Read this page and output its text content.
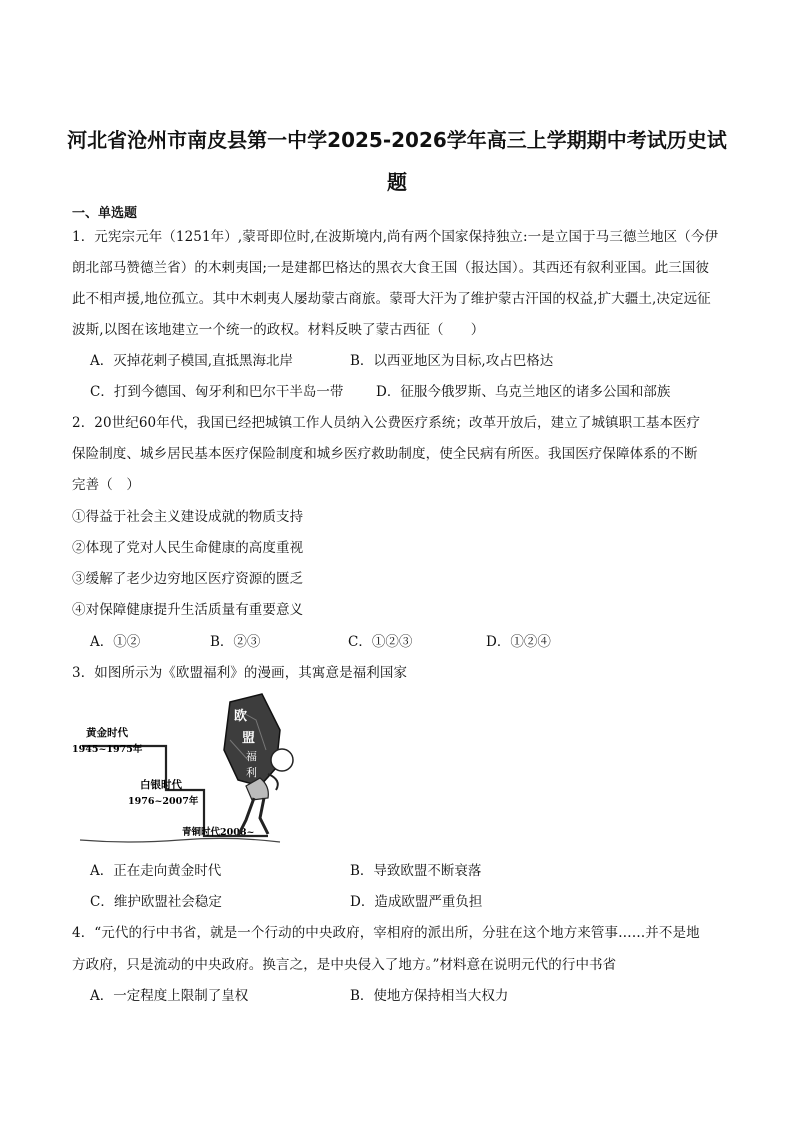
河北省沧州市南皮县第一中学2025-2026学年高三上学期期中考试历史试
题
一、单选题
1．元宪宗元年（1251年）,蒙哥即位时,在波斯境内,尚有两个国家保持独立:一是立国于马三德兰地区（今伊
朗北部马赞德兰省）的木剌夷国;一是建都巴格达的黑衣大食王国（报达国）。其西还有叙利亚国。此三国彼
此不相声援,地位孤立。其中木剌夷人屡劫蒙古商旅。蒙哥大汗为了维护蒙古汗国的权益,扩大疆土,决定远征
波斯,以图在该地建立一个统一的政权。材料反映了蒙古西征（　　）
A．灭掉花剌子模国,直抵黑海北岸	B．以西亚地区为目标,攻占巴格达
C．打到今德国、匈牙利和巴尔干半岛一带 D．征服今俄罗斯、乌克兰地区的诸多公国和部族
2．20世纪60年代，我国已经把城镇工作人员纳入公费医疗系统；改革开放后，建立了城镇职工基本医疗
保险制度、城乡居民基本医疗保险制度和城乡医疗救助制度，使全民病有所医。我国医疗保障体系的不断
完善（　）
①得益于社会主义建设成就的物质支持
②体现了党对人民生命健康的高度重视
③缓解了老少边穷地区医疗资源的匮乏
④对保障健康提升生活质量有重要意义
A．①②	B．②③	C．①②③	D．①②④
3．如图所示为《欧盟福利》的漫画，其寓意是福利国家
黄金时代
1945~1975年
白银时代
1976~2007年
青铜时代2008~
欧
盟
福
利
A．正在走向黄金时代	B．导致欧盟不断衰落
C．维护欧盟社会稳定	D．造成欧盟严重负担
4．“元代的行中书省，就是一个行动的中央政府，宰相府的派出所，分驻在这个地方来管事……并不是地
方政府，只是流动的中央政府。换言之，是中央侵入了地方。”材料意在说明元代的行中书省
A．一定程度上限制了皇权	B．使地方保持相当大权力
